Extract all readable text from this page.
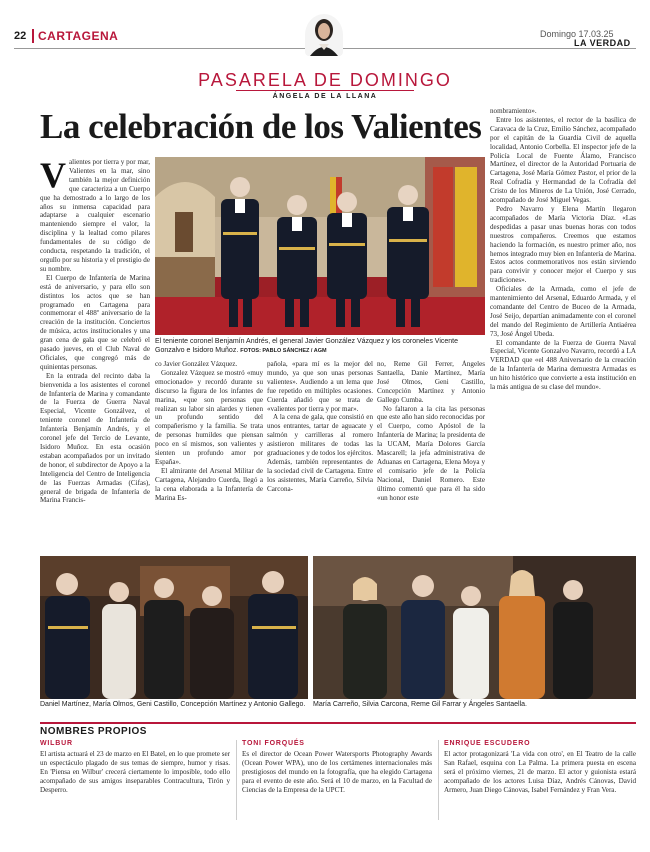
22 CARTAGENA	Domingo 17.03.25
LA VERDAD
PASARELA DE DOMINGO
ÁNGELA DE LA LLANA
La celebración de los Valientes
V alientes por tierra y por mar, Valientes en la mar, sino también la mejor definición que caracteriza a un Cuerpo que ha demostrado a lo largo de los años su inmensa capacidad para adaptarse a cualquier escenario manteniendo siempre el valor, la disciplina y la lealtad como pilares fundamentales de su código de conducta, respetando la tradición, el orgullo por su historia y el prestigio de su nombre.

El Cuerpo de Infantería de Marina está de aniversario, y para ello son distintos los actos que se han programado en Cartagena para conmemorar el 488º aniversario de la creación de la institución. Conciertos de música, actos institucionales y una gran cena de gala que se celebró el pasado jueves, en el Club Naval de Oficiales, que congregó más de quinientas personas.

En la entrada del recinto daba la bienvenida a los asistentes el coronel de Infantería de Marina y comandante de la Fuerza de Guerra Naval Especial, Vicente Gonzálvez, el teniente coronel de Infantería de Infantería Benjamín Andrés, y el coronel jefe del Tercio de Levante, Isidoro Muñoz. En esta ocasión estaban acompañados por un invitado de honor, el subdirector de Apoyo a la Inteligencia del Centro de Inteligencia de las Fuerzas Armadas (Cifas), general de brigada de Infantería de Marina Francis-

El teniente coronel Benjamín Andrés, el general Javier González Vázquez y los coroneles Vicente Gonzalvo e Isidoro Muñoz. FOTOS: PABLO SÁNCHEZ / AGM

co Javier González Vázquez.

Gonzalez Vázquez se mostró «muy emocionado» y recordó durante su discurso la figura de los infantes de marina, «que son personas que realizan su labor sin alardes y tienen un profundo sentido del compañerismo y la familia. Se trata de personas humildes que piensan poco en sí mismos, son valientes y sienten un profundo amor por España».

El almirante del Arsenal Militar de Cartagena, Alejandro Cuerda, llegó a la cena elaborada a la Infantería de Marina Es-

pañola, «para mí es la mejor del mundo, ya que son unas personas valientes». Audiendo a un lema que fue repetido en múltiples ocasiones. Cuerda añadió que se trata de «valientes por tierra y por mar».

A la cena de gala, que consistió en unos entrantes, tartar de aguacate y salmón y carrilleras al romero asistieron militares de todas las graduaciones y de todos los ejércitos. Además, también representantes de la sociedad civil de Cartagena. Entre los asistentes, María Carreño, Silvia Carcona-

no, Reme Gil Ferrer, Ángeles Santaella, Danie Martínez, María José Olmos, Geni Castillo, Concepción Martínez y Antonio Gallego Cumba.

No faltaron a la cita las personas que este año han sido reconocidas por el Cuerpo, como Apóstol de la Infantería de Marina; la presidenta de la UCAM, María Dolores García Mascarell; la jefa administrativa de Aduanas en Cartagena, Elena Moya y el comisario jefe de la Policía Nacional, Daniel Romero. Este último comentó que para él ha sido «un honor este

nombramiento».

Entre los asistentes, el rector de la basílica de Caravaca de la Cruz, Emilio Sánchez, acompañado por el capitán de la Guardia Civil de aquella localidad, Antonio Corbella. El inspector jefe de la Policía Local de Fuente Álamo, Francisco Martínez, el director de la Autoridad Portuaria de Cartagena, José María Gómez Pastor, el prior de la Real Cofradía y Hermandad de la Cofradía del Cristo de los Mineros de La Unión, José Cerrado, acompañado de José Miguel Vegas.

Pedro Navarro y Elena Martín llegaron acompañados de María Victoria Díaz. «Las despedidas a pasar unas buenas horas con todos nuestros compañeros. Creemos que estamos haciendo la formación, es nuestro primer año, nos hemos integrado muy bien en Infantería de Marina. Estos actos conmemorativos nos están sirviendo para convivir y conocer mejor el Cuerpo y sus tradiciones».

Oficiales de la Armada, como el jefe de mantenimiento del Arsenal, Eduardo Armada, y el comandante del Centro de Buceo de la Armada, José Seijo, departían animadamente con el coronel del mando del Regimiento de Artillería Antiaérea 73, José Ángel Ubeda.

El comandante de la Fuerza de Guerra Naval Especial, Vicente Gonzalvo Navarro, recordó a LA VERDAD que «el 488 Aniversario de la creación de la Infantería de Marina demuestra Armadas es un hito histórico que convierte a esta institución en la más antigua de su clase del mundo».

Daniel Martínez, María Olmos, Geni Castillo, Concepción Martínez y Antonio Gallego.	María Carreño, Silvia Carcona, Reme Gil Farrar y Ángeles Santaella.
NOMBRES PROPIOS
WILBUR
El artista actuará el 23 de marzo en El Batel, en lo que promete ser un espectáculo plagado de sus temas de siempre, humor y risas. En 'Piensa en Wilbur' crecerá ciertamente lo imposible, todo ello acompañado de sus amigos inseparables Contracultura, Tirón y Desperro.
TONI FORQUÉS
Es el director de Ocean Power Watersports Photography Awards (Ocean Power WPA), uno de los certámenes internacionales más prestigiosos del mundo en la fotografía, que ha elegido Cartagena para el evento de este año. Será el 10 de marzo, en la Facultad de Ciencias de la Empresa de la UPCT.
ENRIQUE ESCUDERO
El actor protagonizará 'La vida con otro', en El Teatro de la calle San Rafael, esquina con La Palma. La primera puesta en escena será el próximo viernes, 21 de marzo. El actor y guionista estará acompañado de los actores Luisa Díaz, Andrés Cánovas, David Armero, Juan Diego Cánovas, Isabel Fernández y Fran Vera.
